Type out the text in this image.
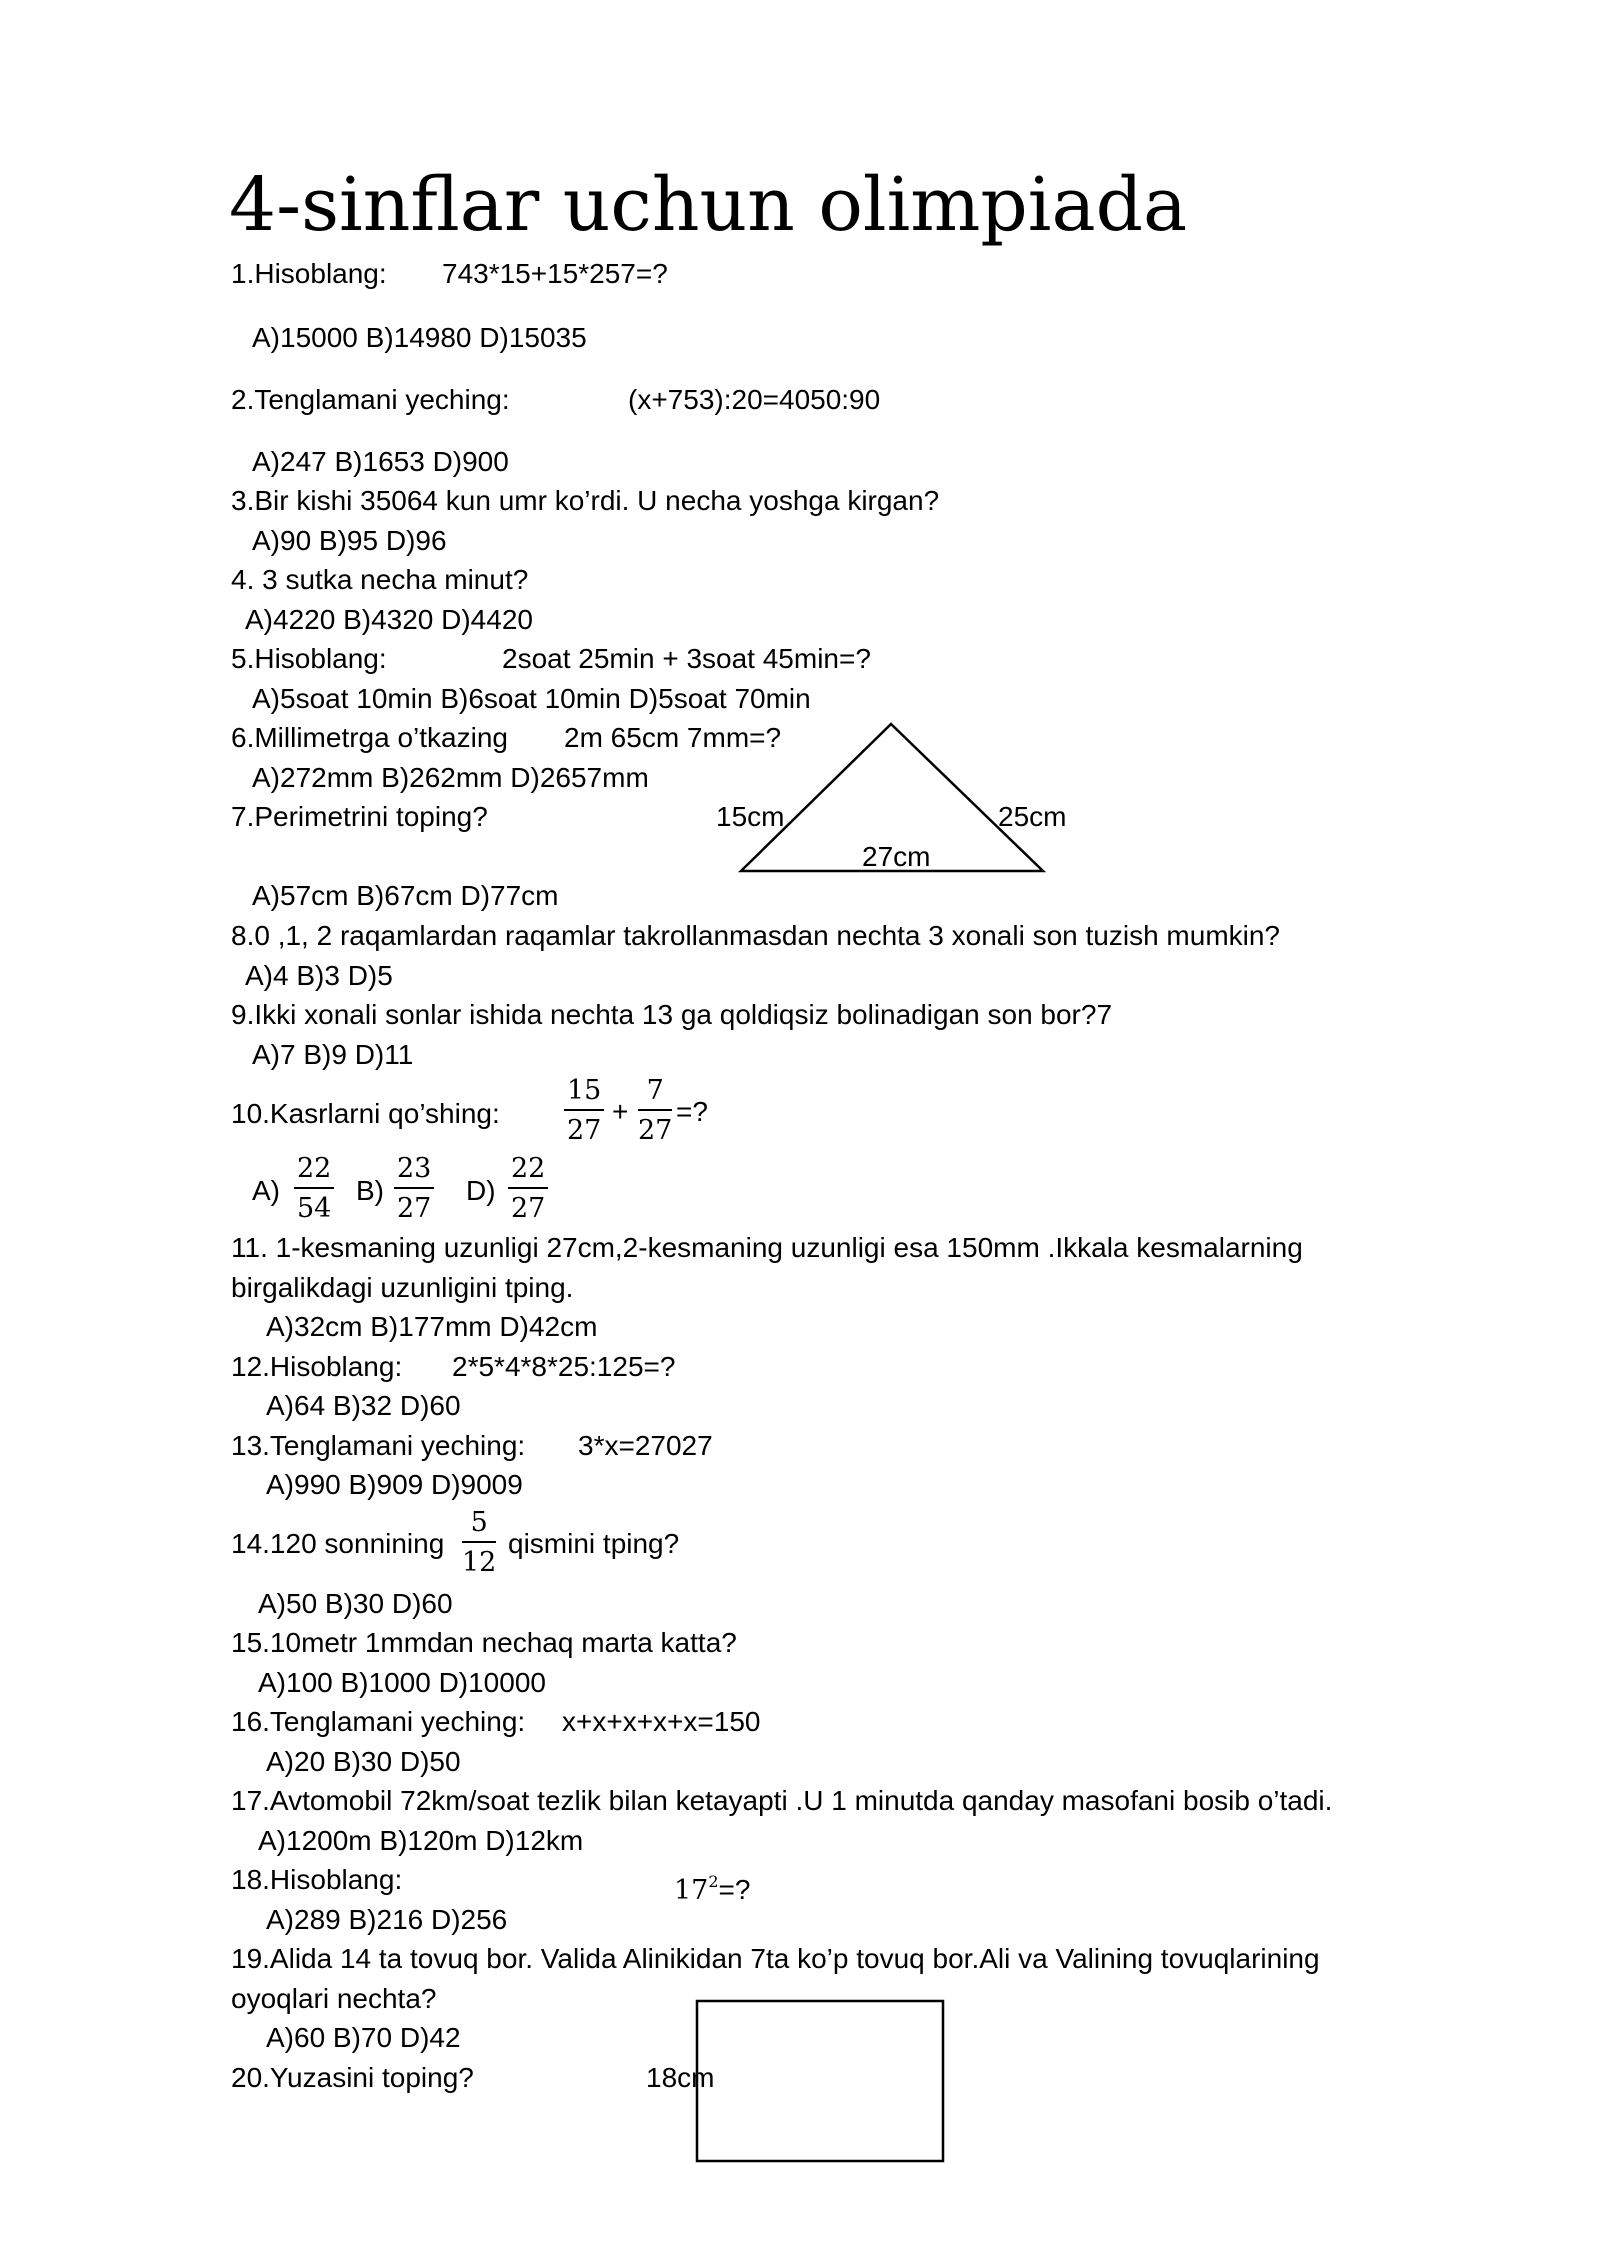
4-sinflar uchun olimpiada
1.Hisoblang: 743*15+15*257=?
A)15000 B)14980 D)15035
2.Tenglamani yeching:	(x+753):20=4050:90
A)247 B)1653 D)900
3.Bir kishi 35064 kun umr ko’rdi. U necha yoshga kirgan?
A)90 B)95 D)96
4. 3 sutka necha minut?
A)4220 B)4320 D)4420
5.Hisoblang:	2soat 25min + 3soat 45min=?
A)5soat 10min B)6soat 10min D)5soat 70min
6.Millimetrga o’tkazing 2m 65cm 7mm=?
A)272mm B)262mm D)2657mm
7.Perimetrini toping?	15cm	25cm
27cm
A)57cm B)67cm D)77cm
8.0 ,1, 2 raqamlardan raqamlar takrollanmasdan nechta 3 xonali son tuzish mumkin?
A)4 B)3 D)5
9.Ikki xonali sonlar ishida nechta 13 ga qoldiqsiz bolinadigan son bor?7
A)7 B)9 D)11
10.Kasrlarni qo’shing: $\frac{15}{27} + \frac{7}{27}$ =?
$A) \frac{22}{54} B) \frac{23}{27} D) \frac{22}{27}$
11. 1-kesmaning uzunligi 27cm,2-kesmaning uzunligi esa 150mm .Ikkala kesmalarning
birgalikdagi uzunligini tping.
A)32cm B)177mm D)42cm
12.Hisoblang: 2*5*4*8*25:125=?
A)64 B)32 D)60
13.Tenglamani yeching: 3*x=27027
A)990 B)909 D)9009
14.120 sonnining $\frac{5}{12}$ qismini tping?
A)50 B)30 D)60
15.10metr 1mmdan nechaq marta katta?
A)100 B)1000 D)10000
16.Tenglamani yeching: x+x+x+x+x=150
A)20 B)30 D)50
17.Avtomobil 72km/soat tezlik bilan ketayapti .U 1 minutda qanday masofani bosib o’tadi.
A)1200m B)120m D)12km
18.Hisoblang:	$17^2=$?
A)289 B)216 D)256
19.Alida 14 ta tovuq bor. Valida Alinikidan 7ta ko’p tovuq bor.Ali va Valining tovuqlarining
oyoqlari nechta?
A)60 B)70 D)42
20.Yuzasini toping?	18cm
